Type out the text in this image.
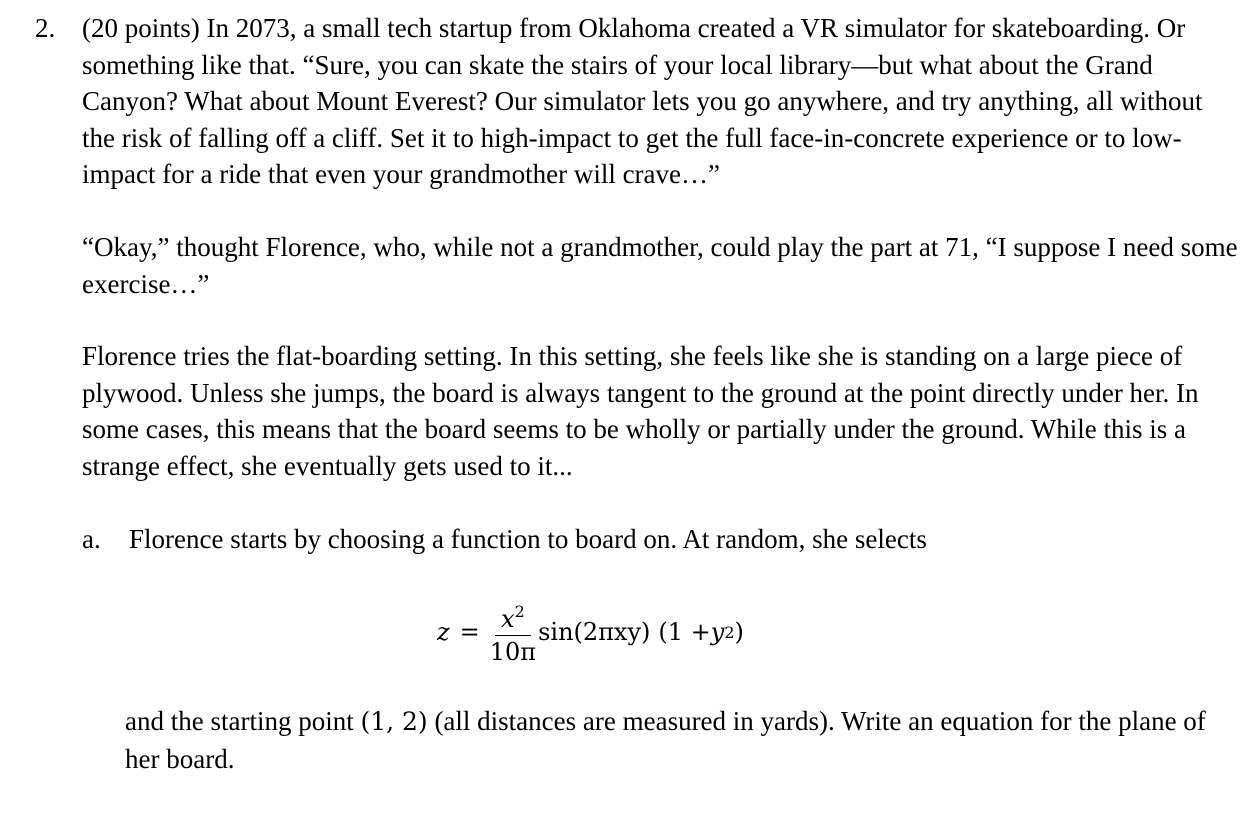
2. (20 points) In 2073, a small tech startup from Oklahoma created a VR simulator for skateboarding. Or something like that. “Sure, you can skate the stairs of your local library—but what about the Grand Canyon? What about Mount Everest? Our simulator lets you go anywhere, and try anything, all without the risk of falling off a cliff. Set it to high-impact to get the full face-in-concrete experience or to low-impact for a ride that even your grandmother will crave…”
“Okay,” thought Florence, who, while not a grandmother, could play the part at 71, “I suppose I need some exercise…”
Florence tries the flat-boarding setting. In this setting, she feels like she is standing on a large piece of plywood. Unless she jumps, the board is always tangent to the ground at the point directly under her. In some cases, this means that the board seems to be wholly or partially under the ground. While this is a strange effect, she eventually gets used to it...
a. Florence starts by choosing a function to board on. At random, she selects
$z = \frac{x^2}{10\pi} \sin(2\pi xy) (1 + y$ 2 )
and the starting point (1, 2) (all distances are measured in yards). Write an equation for the plane of her board.
